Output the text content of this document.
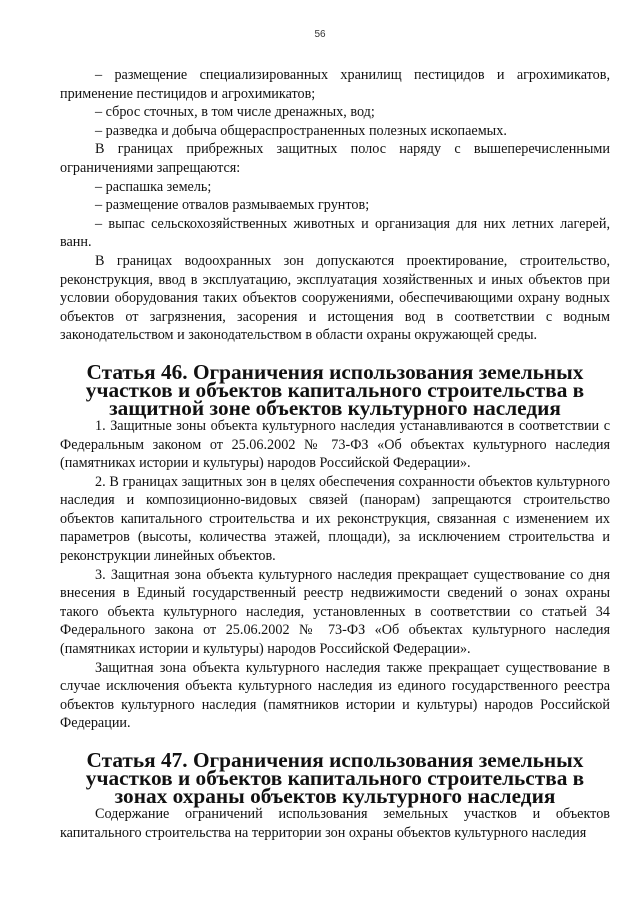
56

– размещение специализированных хранилищ пестицидов и агрохимикатов, применение пестицидов и агрохимикатов;

– сброс сточных, в том числе дренажных, вод;

– разведка и добыча общераспространенных полезных ископаемых.

В границах прибрежных защитных полос наряду с вышеперечисленными ограничениями запрещаются:

– распашка земель;

– размещение отвалов размываемых грунтов;

– выпас сельскохозяйственных животных и организация для них летних лагерей, ванн.

В границах водоохранных зон допускаются проектирование, строительство, реконструкция, ввод в эксплуатацию, эксплуатация хозяйственных и иных объектов при условии оборудования таких объектов сооружениями, обеспечивающими охрану водных объектов от загрязнения, засорения и истощения вод в соответствии с водным законодательством и законодательством в области охраны окружающей среды.

Статья 46. Ограничения использования земельных участков и объектов капитального строительства в защитной зоне объектов культурного наследия

1. Защитные зоны объекта культурного наследия устанавливаются в соответствии с Федеральным законом от 25.06.2002 № 73-ФЗ «Об объектах культурного наследия (памятниках истории и культуры) народов Российской Федерации».

2. В границах защитных зон в целях обеспечения сохранности объектов культурного наследия и композиционно-видовых связей (панорам) запрещаются строительство объектов капитального строительства и их реконструкция, связанная с изменением их параметров (высоты, количества этажей, площади), за исключением строительства и реконструкции линейных объектов.

3. Защитная зона объекта культурного наследия прекращает существование со дня внесения в Единый государственный реестр недвижимости сведений о зонах охраны такого объекта культурного наследия, установленных в соответствии со статьей 34 Федерального закона от 25.06.2002 № 73-ФЗ «Об объектах культурного наследия (памятниках истории и культуры) народов Российской Федерации».

Защитная зона объекта культурного наследия также прекращает существование в случае исключения объекта культурного наследия из единого государственного реестра объектов культурного наследия (памятников истории и культуры) народов Российской Федерации.

Статья 47. Ограничения использования земельных участков и объектов капитального строительства в зонах охраны объектов культурного наследия

Содержание ограничений использования земельных участков и объектов капитального строительства на территории зон охраны объектов культурного наследия
